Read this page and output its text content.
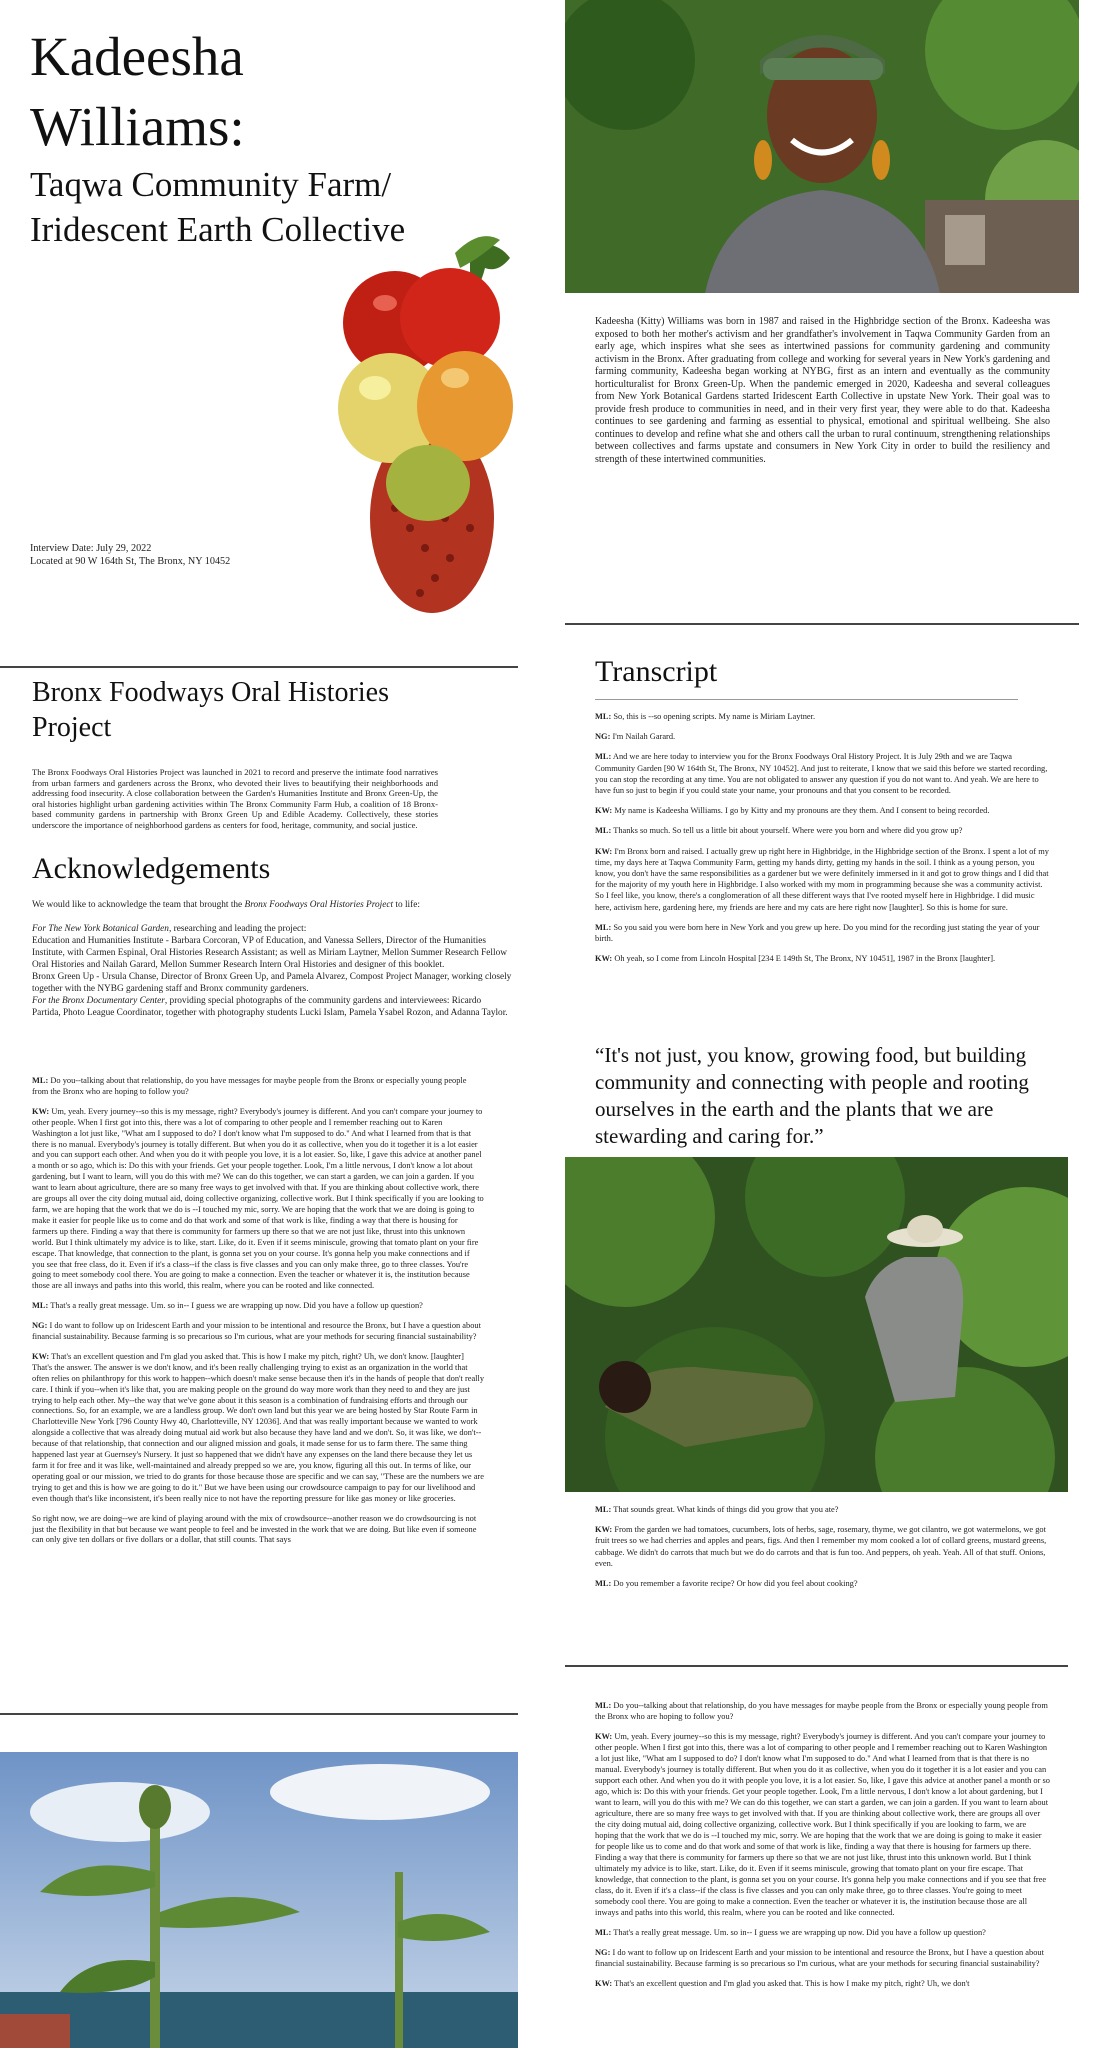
Kadeesha
Williams:
Taqwa Community Farm/
Iridescent Earth Collective
Interview Date: July 29, 2022
Located at 90 W 164th St, The Bronx, NY 10452
Kadeesha (Kitty) Williams was born in 1987 and raised in the Highbridge section of the Bronx. Kadeesha was exposed to both her mother's activism and her grandfather's involvement in Taqwa Community Garden from an early age, which inspires what she sees as intertwined passions for community gardening and community activism in the Bronx. After graduating from college and working for several years in New York's gardening and farming community, Kadeesha began working at NYBG, first as an intern and eventually as the community horticulturalist for Bronx Green-Up. When the pandemic emerged in 2020, Kadeesha and several colleagues from New York Botanical Gardens started Iridescent Earth Collective in upstate New York. Their goal was to provide fresh produce to communities in need, and in their very first year, they were able to do that. Kadeesha continues to see gardening and farming as essential to physical, emotional and spiritual wellbeing. She also continues to develop and refine what she and others call the urban to rural continuum, strengthening relationships between collectives and farms upstate and consumers in New York City in order to build the resiliency and strength of these intertwined communities.
Bronx Foodways Oral Histories
Project
The Bronx Foodways Oral Histories Project was launched in 2021 to record and preserve the intimate food narratives from urban farmers and gardeners across the Bronx, who devoted their lives to beautifying their neighborhoods and addressing food insecurity. A close collaboration between the Garden's Humanities Institute and Bronx Green-Up, the oral histories highlight urban gardening activities within The Bronx Community Farm Hub, a coalition of 18 Bronx-based community gardens in partnership with Bronx Green Up and Edible Academy. Collectively, these stories underscore the importance of neighborhood gardens as centers for food, heritage, community, and social justice.
Acknowledgements
We would like to acknowledge the team that brought the Bronx Foodways Oral Histories Project to life:
For The New York Botanical Garden, researching and leading the project:
Education and Humanities Institute - Barbara Corcoran, VP of Education, and Vanessa Sellers, Director of the Humanities Institute, with Carmen Espinal, Oral Histories Research Assistant; as well as Miriam Laytner, Mellon Summer Research Fellow Oral Histories and Nailah Garard, Mellon Summer Research Intern Oral Histories and designer of this booklet.
Bronx Green Up - Ursula Chanse, Director of Bronx Green Up, and Pamela Alvarez, Compost Project Manager, working closely together with the NYBG gardening staff and Bronx community gardeners.
For the Bronx Documentary Center, providing special photographs of the community gardens and interviewees: Ricardo Partida, Photo League Coordinator, together with photography students Lucki Islam, Pamela Ysabel Rozon, and Adanna Taylor.

ML: Do you--talking about that relationship, do you have messages for maybe people from the Bronx or especially young people from the Bronx who are hoping to follow you?

KW: Um, yeah. Every journey--so this is my message, right? Everybody's journey is different. And you can't compare your journey to other people. When I first got into this, there was a lot of comparing to other people and I remember reaching out to Karen Washington a lot just like, "What am I supposed to do? I don't know what I'm supposed to do." And what I learned from that is that there is no manual. Everybody's journey is totally different. But when you do it as collective, when you do it together it is a lot easier and you can support each other. And when you do it with people you love, it is a lot easier. So, like, I gave this advice at another panel a month or so ago, which is: Do this with your friends. Get your people together. Look, I'm a little nervous, I don't know a lot about gardening, but I want to learn, will you do this with me? We can do this together, we can start a garden, we can join a garden. If you want to learn about agriculture, there are so many free ways to get involved with that. If you are thinking about collective work, there are groups all over the city doing mutual aid, doing collective organizing, collective work. But I think specifically if you are looking to farm, we are hoping that the work that we do is --I touched my mic, sorry. We are hoping that the work that we are doing is going to make it easier for people like us to come and do that work and some of that work is like, finding a way that there is housing for farmers up there. Finding a way that there is community for farmers up there so that we are not just like, thrust into this unknown world. But I think ultimately my advice is to like, start. Like, do it. Even if it seems miniscule, growing that tomato plant on your fire escape. That knowledge, that connection to the plant, is gonna set you on your course. It's gonna help you make connections and if you see that free class, do it. Even if it's a class--if the class is five classes and you can only make three, go to three classes. You're going to meet somebody cool there. You are going to make a connection. Even the teacher or whatever it is, the institution because those are all inways and paths into this world, this realm, where you can be rooted and like connected.

ML: That's a really great message. Um. so in-- I guess we are wrapping up now. Did you have a follow up question?

NG: I do want to follow up on Iridescent Earth and your mission to be intentional and resource the Bronx, but I have a question about financial sustainability. Because farming is so precarious so I'm curious, what are your methods for securing financial sustainability?

KW: That's an excellent question and I'm glad you asked that. This is how I make my pitch, right? Uh, we don't know. [laughter] That's the answer. The answer is we don't know, and it's been really challenging trying to exist as an organization in the world that often relies on philanthropy for this work to happen--which doesn't make sense because then it's in the hands of people that don't really care. I think if you--when it's like that, you are making people on the ground do way more work than they need to and they are just trying to help each other. My--the way that we've gone about it this season is a combination of fundraising efforts and through our connections. So, for an example, we are a landless group. We don't own land but this year we are being hosted by Star Route Farm in Charlotteville New York [796 County Hwy 40, Charlotteville, NY 12036]. And that was really important because we wanted to work alongside a collective that was already doing mutual aid work but also because they have land and we don't. So, it was like, we don't--because of that relationship, that connection and our aligned mission and goals, it made sense for us to farm there. The same thing happened last year at Guernsey's Nursery. It just so happened that we didn't have any expenses on the land there because they let us farm it for free and it was like, well-maintained and already prepped so we are, you know, figuring all this out. In terms of like, our operating goal or our mission, we tried to do grants for those because those are specific and we can say, "These are the numbers we are trying to get and this is how we are going to do it." But we have been using our crowdsource campaign to pay for our livelihood and even though that's like inconsistent, it's been really nice to not have the reporting pressure for like gas money or like groceries.

So right now, we are doing--we are kind of playing around with the mix of crowdsource--another reason we do crowdsourcing is not just the flexibility in that but because we want people to feel and be invested in the work that we are doing. But like even if someone can only give ten dollars or five dollars or a dollar, that still counts. That says

Transcript

ML: So, this is --so opening scripts. My name is Miriam Laytner.

NG: I'm Nailah Garard.

ML: And we are here today to interview you for the Bronx Foodways Oral History Project. It is July 29th and we are Taqwa Community Garden [90 W 164th St, The Bronx, NY 10452]. And just to reiterate, I know that we said this before we started recording, you can stop the recording at any time. You are not obligated to answer any question if you do not want to. And yeah. We are here to have fun so just to begin if you could state your name, your pronouns and that you consent to be recorded.

KW: My name is Kadeesha Williams. I go by Kitty and my pronouns are they them. And I consent to being recorded.

ML: Thanks so much. So tell us a little bit about yourself. Where were you born and where did you grow up?

KW: I'm Bronx born and raised. I actually grew up right here in Highbridge, in the Highbridge section of the Bronx. I spent a lot of my time, my days here at Taqwa Community Farm, getting my hands dirty, getting my hands in the soil. I think as a young person, you know, you don't have the same responsibilities as a gardener but we were definitely immersed in it and got to grow things and I did that for the majority of my youth here in Highbridge. I also worked with my mom in programming because she was a community activist. So I feel like, you know, there's a conglomeration of all these different ways that I've rooted myself here in Highbridge. I did music here, activism here, gardening here, my friends are here and my cats are here right now [laughter]. So this is home for sure.

ML: So you said you were born here in New York and you grew up here. Do you mind for the recording just stating the year of your birth.

KW: Oh yeah, so I come from Lincoln Hospital [234 E 149th St, The Bronx, NY 10451], 1987 in the Bronx [laughter].

“It's not just, you know, growing food, but building community and connecting with people and rooting ourselves in the earth and the plants that we are stewarding and caring for.”

ML: That sounds great. What kinds of things did you grow that you ate?

KW: From the garden we had tomatoes, cucumbers, lots of herbs, sage, rosemary, thyme, we got cilantro, we got watermelons, we got fruit trees so we had cherries and apples and pears, figs. And then I remember my mom cooked a lot of collard greens, mustard greens, cabbage. We didn't do carrots that much but we do do carrots and that is fun too. And peppers, oh yeah. Yeah. All of that stuff. Onions, even.

ML: Do you remember a favorite recipe? Or how did you feel about cooking?

ML: Do you--talking about that relationship, do you have messages for maybe people from the Bronx or especially young people from the Bronx who are hoping to follow you?

KW: Um, yeah. Every journey--so this is my message, right? Everybody's journey is different. And you can't compare your journey to other people. When I first got into this, there was a lot of comparing to other people and I remember reaching out to Karen Washington a lot just like, "What am I supposed to do? I don't know what I'm supposed to do." And what I learned from that is that there is no manual. Everybody's journey is totally different. But when you do it as collective, when you do it together it is a lot easier and you can support each other. And when you do it with people you love, it is a lot easier. So, like, I gave this advice at another panel a month or so ago, which is: Do this with your friends. Get your people together. Look, I'm a little nervous, I don't know a lot about gardening, but I want to learn, will you do this with me? We can do this together, we can start a garden, we can join a garden. If you want to learn about agriculture, there are so many free ways to get involved with that. If you are thinking about collective work, there are groups all over the city doing mutual aid, doing collective organizing, collective work. But I think specifically if you are looking to farm, we are hoping that the work that we do is --I touched my mic, sorry. We are hoping that the work that we are doing is going to make it easier for people like us to come and do that work and some of that work is like, finding a way that there is housing for farmers up there. Finding a way that there is community for farmers up there so that we are not just like, thrust into this unknown world. But I think ultimately my advice is to like, start. Like, do it. Even if it seems miniscule, growing that tomato plant on your fire escape. That knowledge, that connection to the plant, is gonna set you on your course. It's gonna help you make connections and if you see that free class, do it. Even if it's a class--if the class is five classes and you can only make three, go to three classes. You're going to meet somebody cool there. You are going to make a connection. Even the teacher or whatever it is, the institution because those are all inways and paths into this world, this realm, where you can be rooted and like connected.

ML: That's a really great message. Um. so in-- I guess we are wrapping up now. Did you have a follow up question?

NG: I do want to follow up on Iridescent Earth and your mission to be intentional and resource the Bronx, but I have a question about financial sustainability. Because farming is so precarious so I'm curious, what are your methods for securing financial sustainability?

KW: That's an excellent question and I'm glad you asked that. This is how I make my pitch, right? Uh, we don't
